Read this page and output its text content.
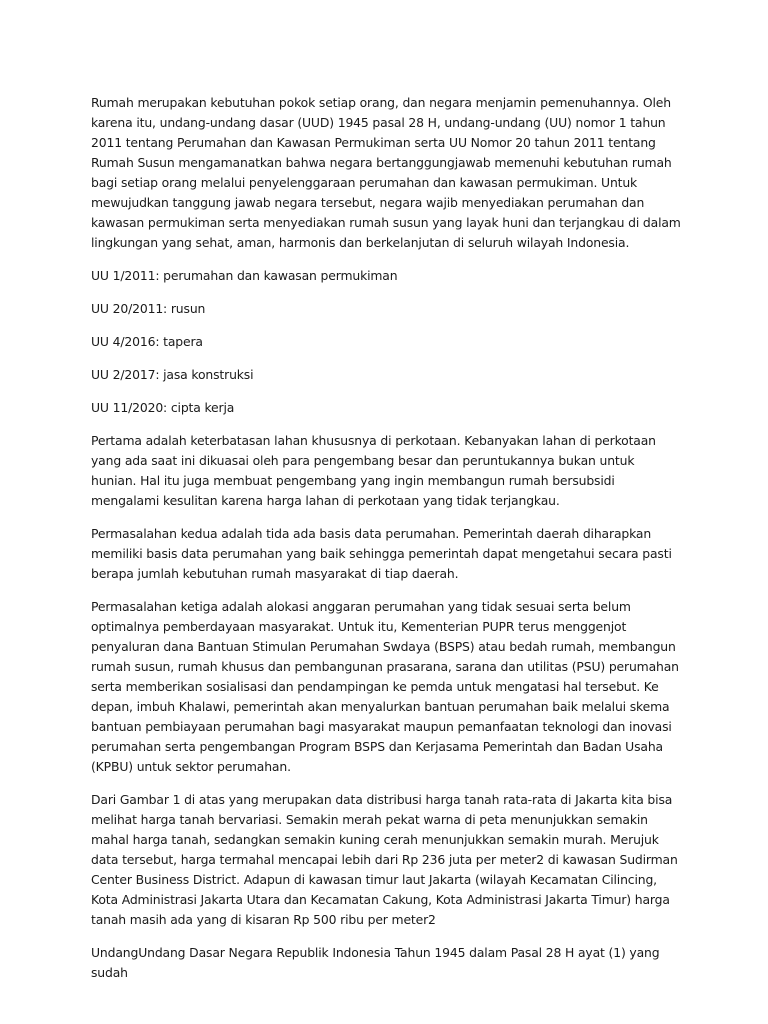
Rumah merupakan kebutuhan pokok setiap orang, dan negara menjamin pemenuhannya. Oleh karena itu, undang-undang dasar (UUD) 1945 pasal 28 H, undang-undang (UU) nomor 1 tahun 2011 tentang Perumahan dan Kawasan Permukiman serta UU Nomor 20 tahun 2011 tentang Rumah Susun mengamanatkan bahwa negara bertanggungjawab memenuhi kebutuhan rumah bagi setiap orang melalui penyelenggaraan perumahan dan kawasan permukiman. Untuk mewujudkan tanggung jawab negara tersebut, negara wajib menyediakan perumahan dan kawasan permukiman serta menyediakan rumah susun yang layak huni dan terjangkau di dalam lingkungan yang sehat, aman, harmonis dan berkelanjutan di seluruh wilayah Indonesia.

UU 1/2011: perumahan dan kawasan permukiman

UU 20/2011: rusun

UU 4/2016: tapera

UU 2/2017: jasa konstruksi

UU 11/2020: cipta kerja

Pertama adalah keterbatasan lahan khususnya di perkotaan. Kebanyakan lahan di perkotaan yang ada saat ini dikuasai oleh para pengembang besar dan peruntukannya bukan untuk hunian. Hal itu juga membuat pengembang yang ingin membangun rumah bersubsidi mengalami kesulitan karena harga lahan di perkotaan yang tidak terjangkau.

Permasalahan kedua adalah tida ada basis data perumahan. Pemerintah daerah diharapkan memiliki basis data perumahan yang baik sehingga pemerintah dapat mengetahui secara pasti berapa jumlah kebutuhan rumah masyarakat di tiap daerah.

Permasalahan ketiga adalah alokasi anggaran perumahan yang tidak sesuai serta belum optimalnya pemberdayaan masyarakat. Untuk itu, Kementerian PUPR terus menggenjot penyaluran dana Bantuan Stimulan Perumahan Swdaya (BSPS) atau bedah rumah, membangun rumah susun, rumah khusus dan pembangunan prasarana, sarana dan utilitas (PSU) perumahan serta memberikan sosialisasi dan pendampingan ke pemda untuk mengatasi hal tersebut. Ke depan, imbuh Khalawi, pemerintah akan menyalurkan bantuan perumahan baik melalui skema bantuan pembiayaan perumahan bagi masyarakat maupun pemanfaatan teknologi dan inovasi perumahan serta pengembangan Program BSPS dan Kerjasama Pemerintah dan Badan Usaha (KPBU) untuk sektor perumahan.

Dari Gambar 1 di atas yang merupakan data distribusi harga tanah rata-rata di Jakarta kita bisa melihat harga tanah bervariasi. Semakin merah pekat warna di peta menunjukkan semakin mahal harga tanah, sedangkan semakin kuning cerah menunjukkan semakin murah. Merujuk data tersebut, harga termahal mencapai lebih dari Rp 236 juta per meter2 di kawasan Sudirman Center Business District. Adapun di kawasan timur laut Jakarta (wilayah Kecamatan Cilincing, Kota Administrasi Jakarta Utara dan Kecamatan Cakung, Kota Administrasi Jakarta Timur) harga tanah masih ada yang di kisaran Rp 500 ribu per meter2

UndangUndang Dasar Negara Republik Indonesia Tahun 1945 dalam Pasal 28 H ayat (1) yang sudah
